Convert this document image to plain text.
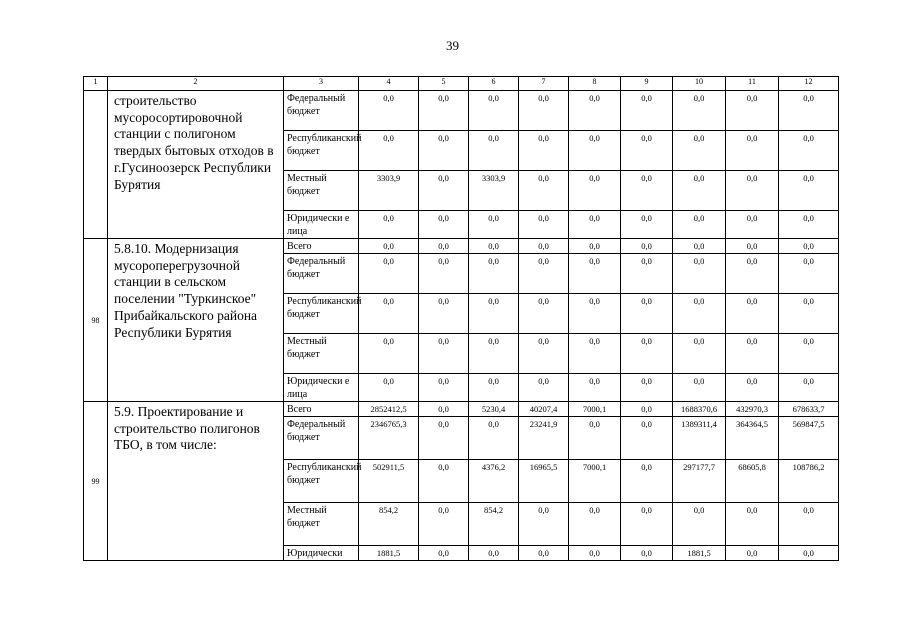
39
1	2	3	4	5	6	7	8	9	10	11	12
	строительство мусоросортировочной станции с полигоном твердых бытовых отходов в г.Гусиноозерск Республики Бурятия	Федеральный бюджет	0,0	0,0	0,0	0,0	0,0	0,0	0,0	0,0	0,0
		Республиканский бюджет	0,0	0,0	0,0	0,0	0,0	0,0	0,0	0,0	0,0
		Местный бюджет	3303,9	0,0	3303,9	0,0	0,0	0,0	0,0	0,0	0,0
		Юридически е лица	0,0	0,0	0,0	0,0	0,0	0,0	0,0	0,0	0,0
98	5.8.10. Модернизация мусороперегрузочной станции в сельском поселении "Туркинское" Прибайкальского района Республики Бурятия	Всего	0,0	0,0	0,0	0,0	0,0	0,0	0,0	0,0	0,0
		Федеральный бюджет	0,0	0,0	0,0	0,0	0,0	0,0	0,0	0,0	0,0
		Республиканский бюджет	0,0	0,0	0,0	0,0	0,0	0,0	0,0	0,0	0,0
		Местный бюджет	0,0	0,0	0,0	0,0	0,0	0,0	0,0	0,0	0,0
		Юридически е лица	0,0	0,0	0,0	0,0	0,0	0,0	0,0	0,0	0,0
99	5.9. Проектирование и строительство полигонов ТБО, в том числе:	Всего	2852412,5	0,0	5230,4	40207,4	7000,1	0,0	1688370,6	432970,3	678633,7
		Федеральный бюджет	2346765,3	0,0	0,0	23241,9	0,0	0,0	1389311,4	364364,5	569847,5
		Республиканский бюджет	502911,5	0,0	4376,2	16965,5	7000,1	0,0	297177,7	68605,8	108786,2
		Местный бюджет	854,2	0,0	854,2	0,0	0,0	0,0	0,0	0,0	0,0
		Юридически	1881,5	0,0	0,0	0,0	0,0	0,0	1881,5	0,0	0,0
